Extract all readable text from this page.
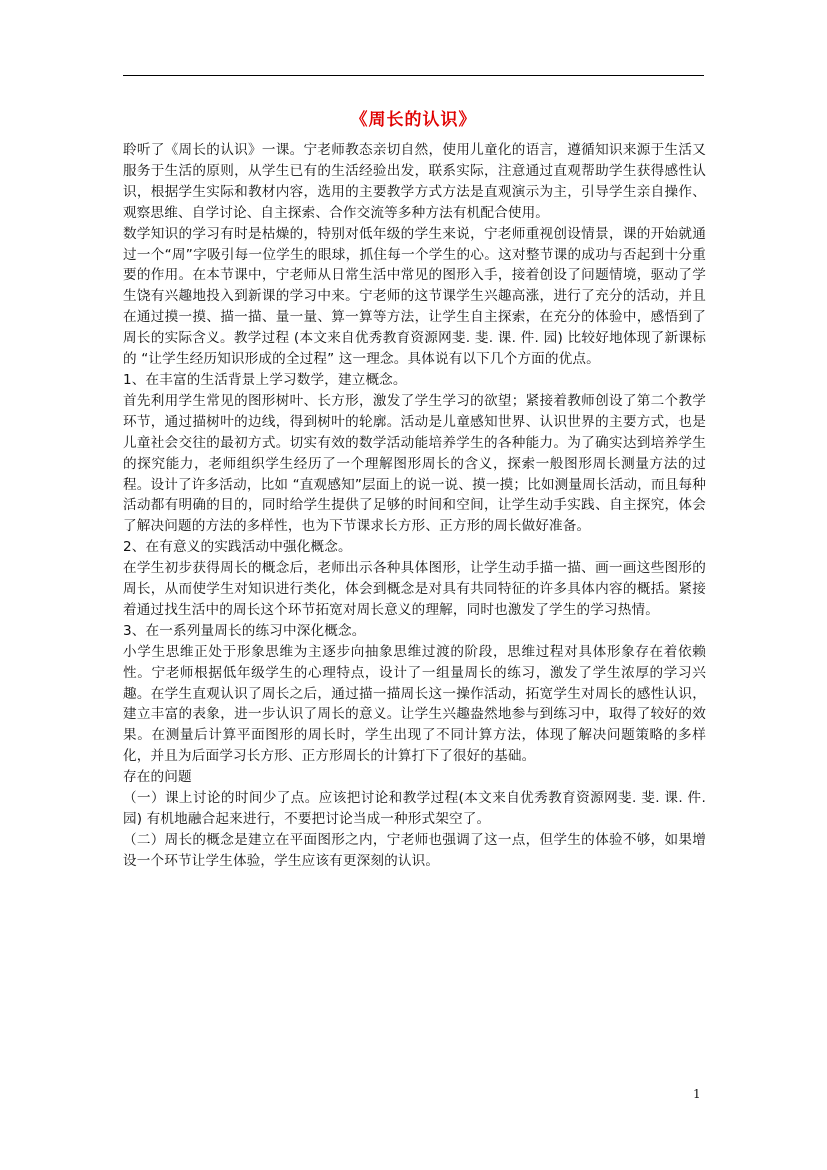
《周长的认识》

聆听了《周长的认识》一课。宁老师教态亲切自然，使用儿童化的语言，遵循知识来源于生活又服务于生活的原则，从学生已有的生活经验出发，联系实际，注意通过直观帮助学生获得感性认识，根据学生实际和教材内容，选用的主要教学方式方法是直观演示为主，引导学生亲自操作、观察思维、自学讨论、自主探索、合作交流等多种方法有机配合使用。

数学知识的学习有时是枯燥的，特别对低年级的学生来说，宁老师重视创设情景，课的开始就通过一个“周”字吸引每一位学生的眼球，抓住每一个学生的心。这对整节课的成功与否起到十分重要的作用。在本节课中，宁老师从日常生活中常见的图形入手，接着创设了问题情境，驱动了学生饶有兴趣地投入到新课的学习中来。宁老师的这节课学生兴趣高涨，进行了充分的活动，并且在通过摸一摸、描一描、量一量、算一算等方法，让学生自主探索，在充分的体验中，感悟到了周长的实际含义。教学过程 (本文来自优秀教育资源网斐. 斐. 课. 件. 园) 比较好地体现了新课标的 “让学生经历知识形成的全过程” 这一理念。具体说有以下几个方面的优点。

1、在丰富的生活背景上学习数学，建立概念。

首先利用学生常见的图形树叶、长方形，激发了学生学习的欲望；紧接着教师创设了第二个教学环节，通过描树叶的边线，得到树叶的轮廓。活动是儿童感知世界、认识世界的主要方式，也是儿童社会交往的最初方式。切实有效的数学活动能培养学生的各种能力。为了确实达到培养学生的探究能力，老师组织学生经历了一个理解图形周长的含义，探索一般图形周长测量方法的过程。设计了许多活动，比如 “直观感知”层面上的说一说、摸一摸；比如测量周长活动，而且每种活动都有明确的目的，同时给学生提供了足够的时间和空间，让学生动手实践、自主探究，体会了解决问题的方法的多样性，也为下节课求长方形、正方形的周长做好准备。

2、在有意义的实践活动中强化概念。

在学生初步获得周长的概念后，老师出示各种具体图形，让学生动手描一描、画一画这些图形的周长，从而使学生对知识进行类化，体会到概念是对具有共同特征的许多具体内容的概括。紧接着通过找生活中的周长这个环节拓宽对周长意义的理解，同时也激发了学生的学习热情。

3、在一系列量周长的练习中深化概念。

小学生思维正处于形象思维为主逐步向抽象思维过渡的阶段，思维过程对具体形象存在着依赖性。宁老师根据低年级学生的心理特点，设计了一组量周长的练习，激发了学生浓厚的学习兴趣。在学生直观认识了周长之后，通过描一描周长这一操作活动，拓宽学生对周长的感性认识，建立丰富的表象，进一步认识了周长的意义。让学生兴趣盎然地参与到练习中，取得了较好的效果。在测量后计算平面图形的周长时，学生出现了不同计算方法，体现了解决问题策略的多样化，并且为后面学习长方形、正方形周长的计算打下了很好的基础。

存在的问题

（一）课上讨论的时间少了点。应该把讨论和教学过程(本文来自优秀教育资源网斐. 斐. 课. 件. 园) 有机地融合起来进行，不要把讨论当成一种形式架空了。

（二）周长的概念是建立在平面图形之内，宁老师也强调了这一点，但学生的体验不够，如果增设一个环节让学生体验，学生应该有更深刻的认识。

1
